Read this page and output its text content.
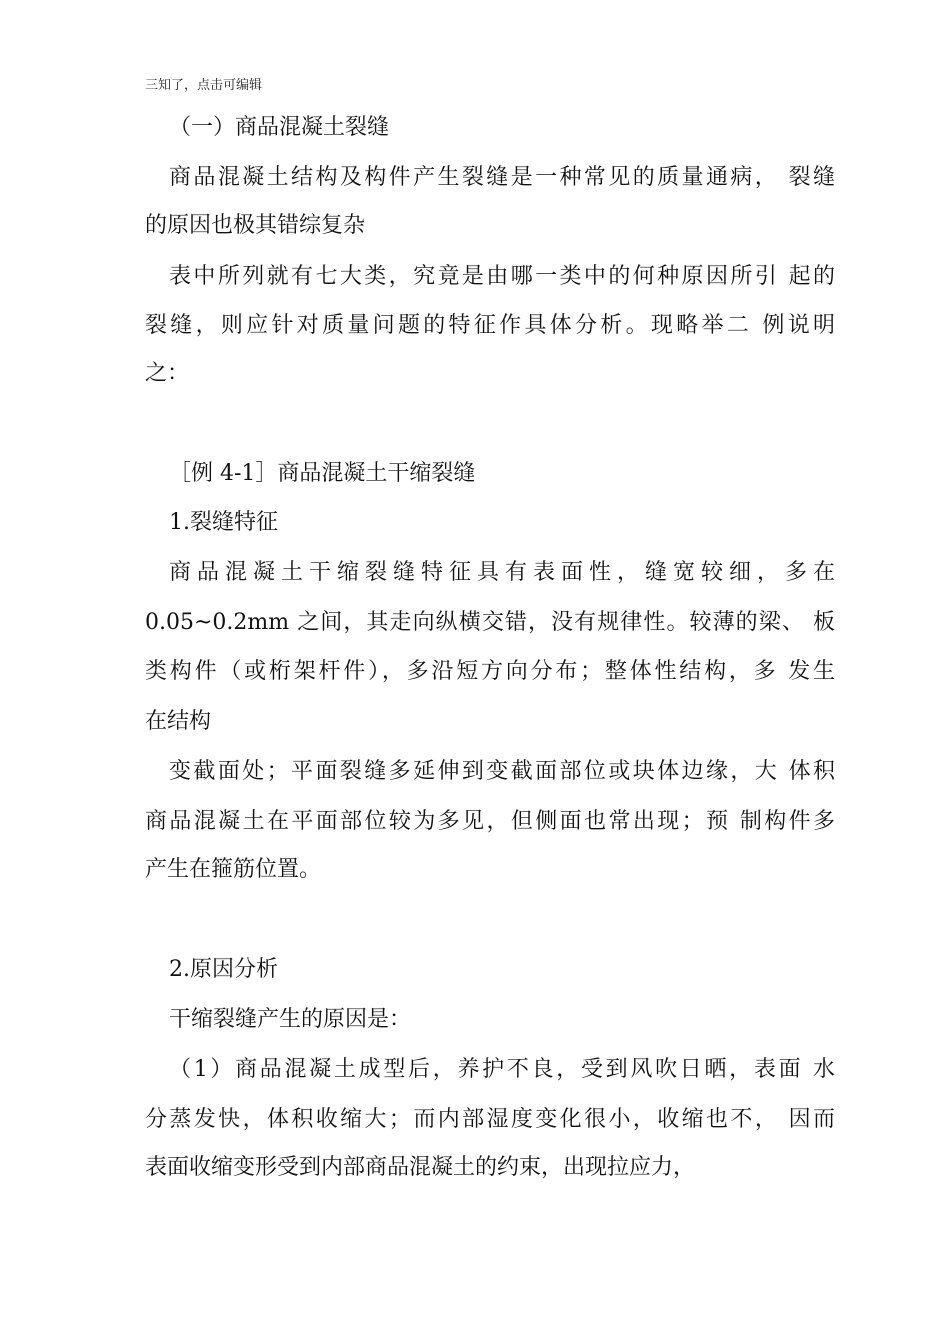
三知了，点击可编辑
（一）商品混凝土裂缝
商品混凝土结构及构件产生裂缝是一种常见的质量通病， 裂缝
的原因也极其错综复杂
表中所列就有七大类，究竟是由哪一类中的何种原因所引 起的
裂缝，则应针对质量问题的特征作具体分析。现略举二 例说明
之：
［例 4-1］商品混凝土干缩裂缝
1.裂缝特征
商品混凝土干缩裂缝特征具有表面性，缝宽较细，多在
0.05~0.2mm 之间，其走向纵横交错，没有规律性。较薄的梁、 板
类构件（或桁架杆件），多沿短方向分布；整体性结构，多 发生
在结构
变截面处；平面裂缝多延伸到变截面部位或块体边缘，大 体积
商品混凝土在平面部位较为多见，但侧面也常出现；预 制构件多
产生在箍筋位置。
2.原因分析
干缩裂缝产生的原因是：
（1）商品混凝土成型后，养护不良，受到风吹日晒，表面 水
分蒸发快，体积收缩大；而内部湿度变化很小，收缩也不， 因而
表面收缩变形受到内部商品混凝土的约束，出现拉应力，
